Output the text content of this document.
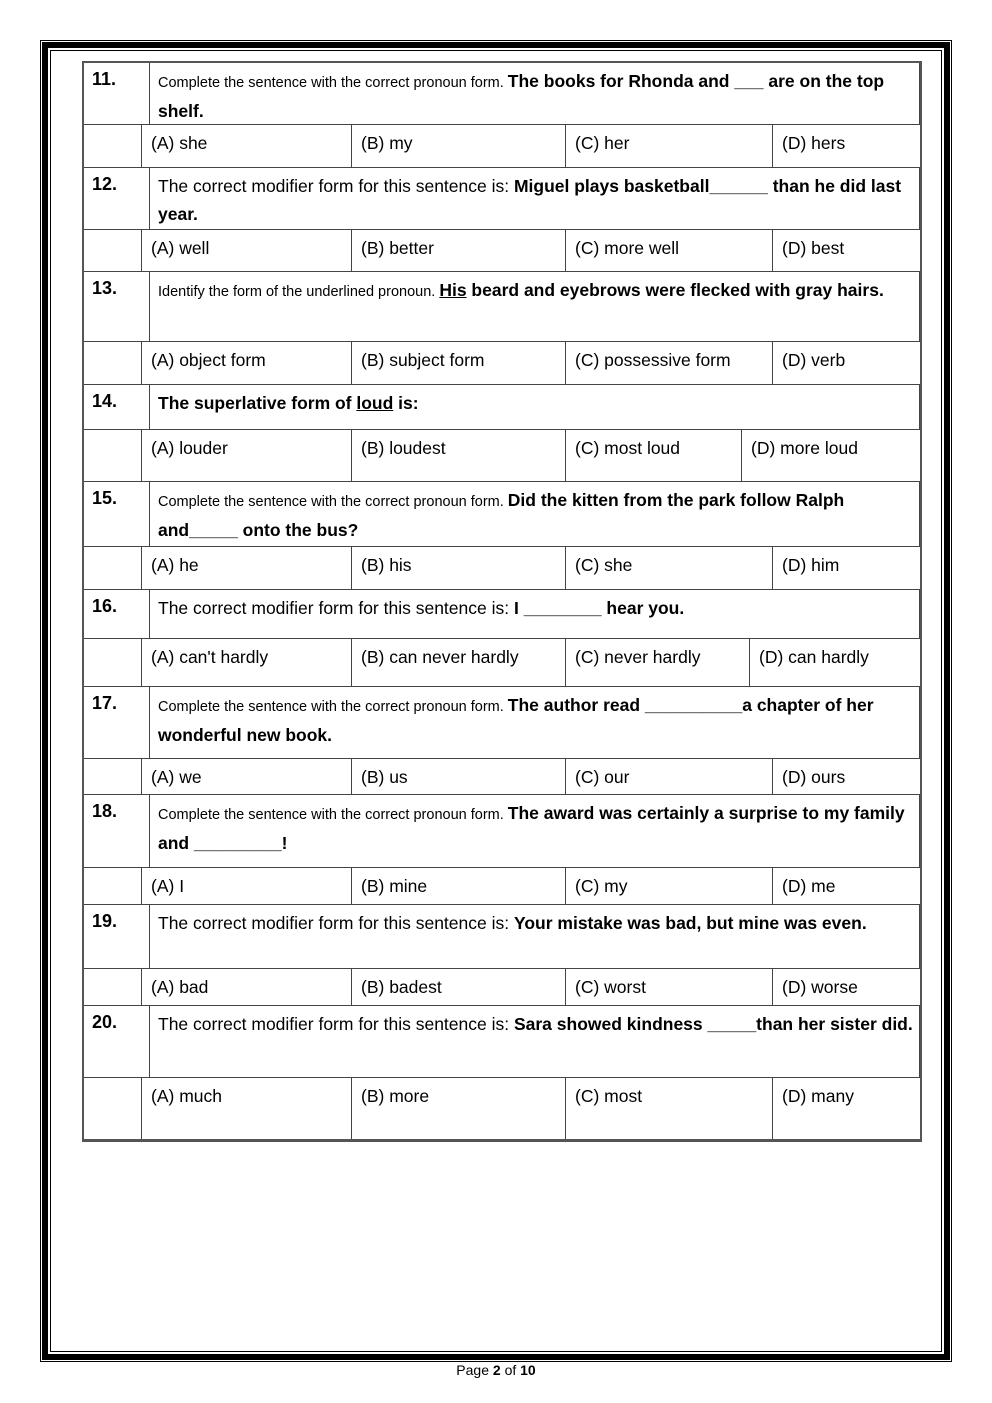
11.	Complete the sentence with the correct pronoun form. The books for Rhonda and ___ are on the top shelf.
(A) she	(B) my	(C) her	(D) hers
12.	The correct modifier form for this sentence is: Miguel plays basketball______ than he did last year.
(A) well	(B) better	(C) more well	(D) best
13.	Identify the form of the underlined pronoun. His beard and eyebrows were flecked with gray hairs.
(A) object form	(B) subject form	(C) possessive form	(D) verb
14.	The superlative form of loud is:
(A) louder	(B) loudest	(C) most loud	(D) more loud
15.	Complete the sentence with the correct pronoun form. Did the kitten from the park follow Ralph and_____ onto the bus?
(A) he	(B) his	(C) she	(D) him
16.	The correct modifier form for this sentence is: I ________ hear you.
(A) can't hardly	(B) can never hardly	(C) never hardly	(D) can hardly
17.	Complete the sentence with the correct pronoun form. The author read __________a chapter of her wonderful new book.
(A) we	(B) us	(C) our	(D) ours
18.	Complete the sentence with the correct pronoun form. The award was certainly a surprise to my family and _________!
(A) I	(B) mine	(C) my	(D) me
19.	The correct modifier form for this sentence is: Your mistake was bad, but mine was even.
(A) bad	(B) badest	(C) worst	(D) worse
20.	The correct modifier form for this sentence is: Sara showed kindness _____than her sister did.
(A) much	(B) more	(C) most	(D) many
Page 2 of 10
